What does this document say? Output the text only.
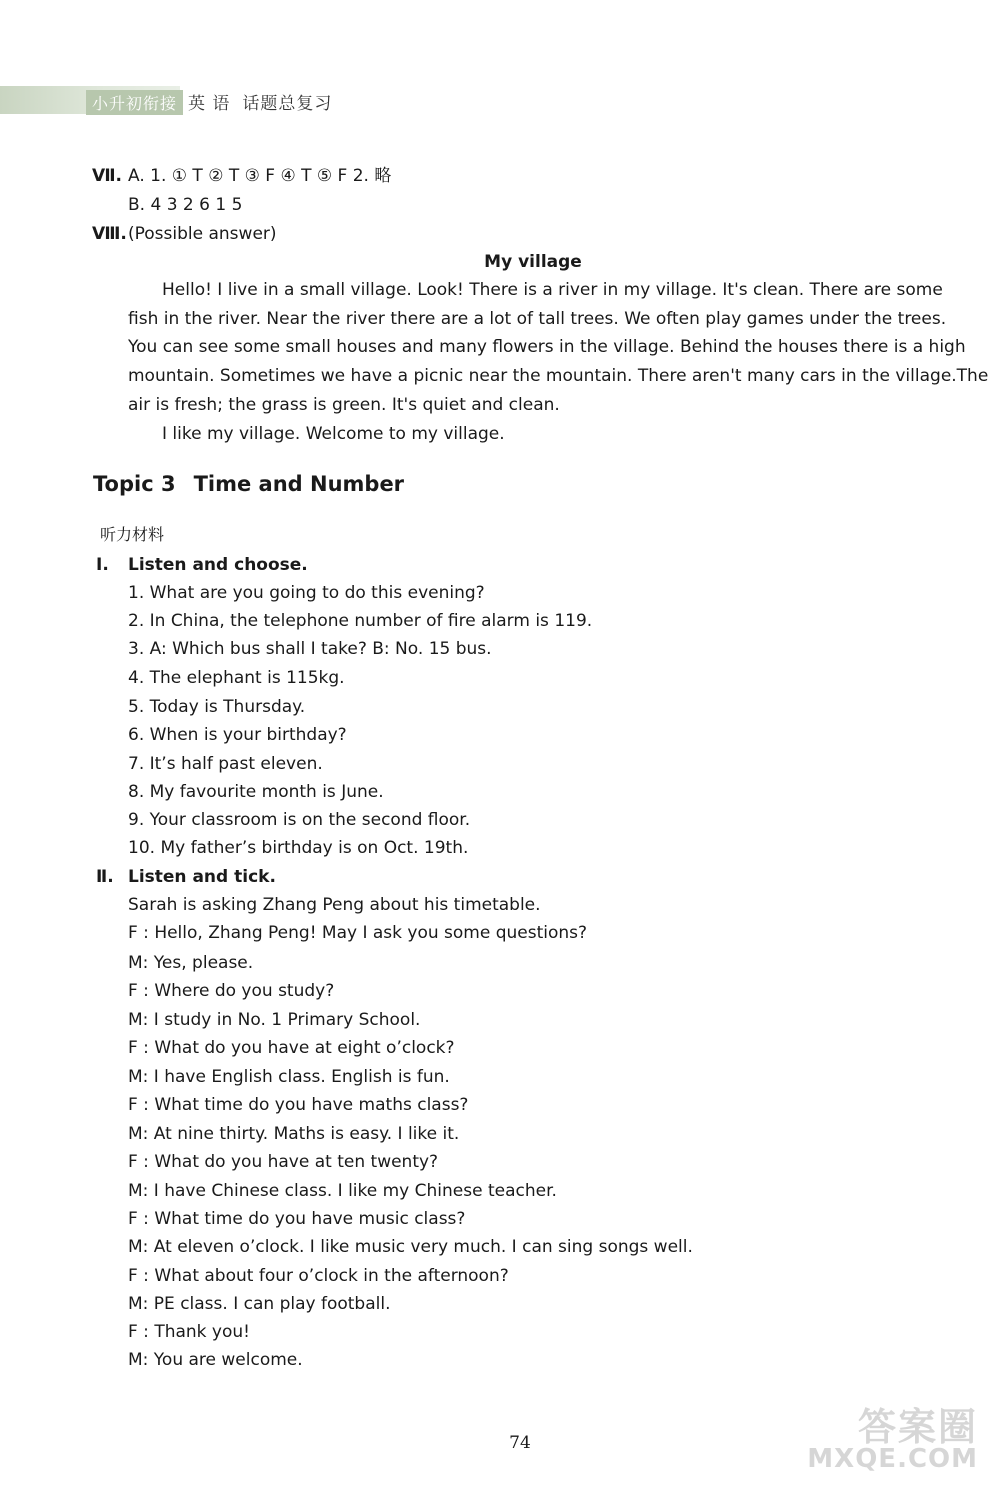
小升初衔接 英 语 话题总复习
Ⅶ. A. 1. ① T ② T ③ F ④ T ⑤ F 2. 略
B. 4 3 2 6 1 5
Ⅷ. (Possible answer)
My village
Hello! I live in a small village. Look! There is a river in my village. It's clean. There are some
fish in the river. Near the river there are a lot of tall trees. We often play games under the trees.
You can see some small houses and many flowers in the village. Behind the houses there is a high
mountain. Sometimes we have a picnic near the mountain. There aren't many cars in the village.The
air is fresh; the grass is green. It's quiet and clean.
I like my village. Welcome to my village.
Topic 3 Time and Number
听力材料
Ⅰ. Listen and choose.
1. What are you going to do this evening?
2. In China, the telephone number of fire alarm is 119.
3. A: Which bus shall I take? B: No. 15 bus.
4. The elephant is 115kg.
5. Today is Thursday.
6. When is your birthday?
7. It’s half past eleven.
8. My favourite month is June.
9. Your classroom is on the second floor.
10. My father’s birthday is on Oct. 19th.
Ⅱ. Listen and tick.
Sarah is asking Zhang Peng about his timetable.
F : Hello, Zhang Peng! May I ask you some questions?
M: Yes, please.
F : Where do you study?
M: I study in No. 1 Primary School.
F : What do you have at eight o’clock?
M: I have English class. English is fun.
F : What time do you have maths class?
M: At nine thirty. Maths is easy. I like it.
F : What do you have at ten twenty?
M: I have Chinese class. I like my Chinese teacher.
F : What time do you have music class?
M: At eleven o’clock. I like music very much. I can sing songs well.
F : What about four o’clock in the afternoon?
M: PE class. I can play football.
F : Thank you!
M: You are welcome.
74	答案圈
MXQE.COM
